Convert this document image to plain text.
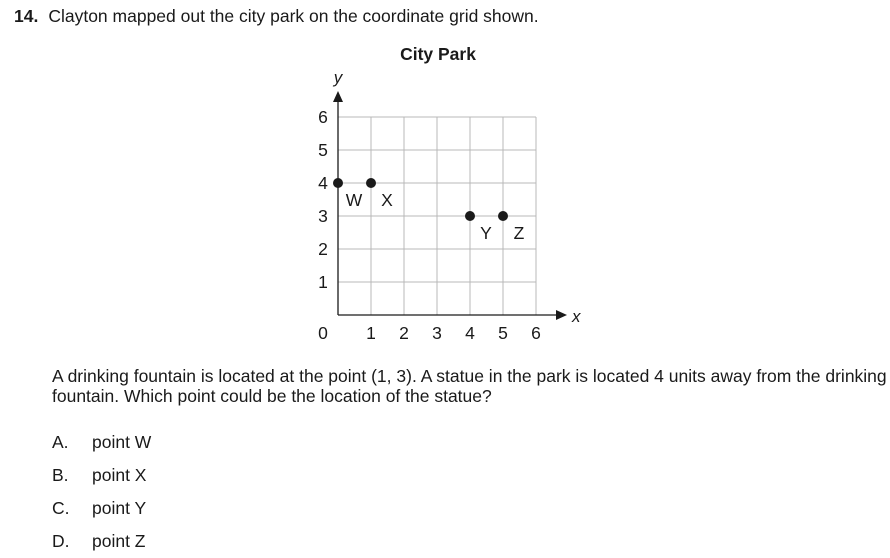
14. Clayton mapped out the city park on the coordinate grid shown.
City Park
x
y
0 1 2 3 4 5 6
1
2
3
4
5
6
W X
Y Z
A drinking fountain is located at the point (1, 3). A statue in the park is located 4 units away from the drinking fountain. Which point could be the location of the statue?
A.	point W
B.	point X
C.	point Y
D.	point Z
